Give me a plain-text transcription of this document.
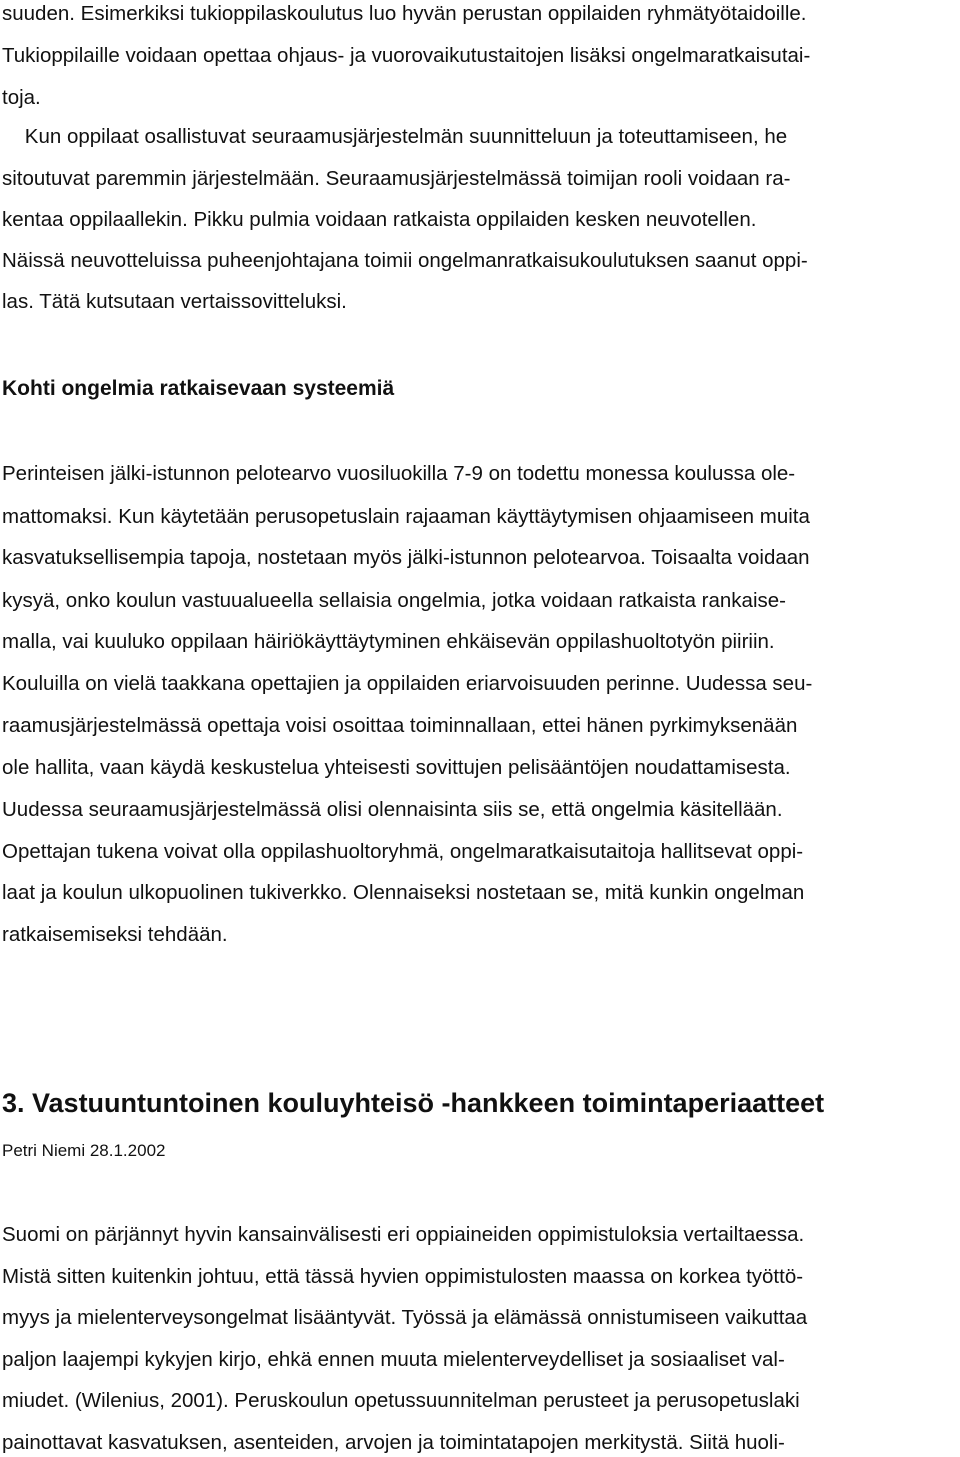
suuden. Esimerkiksi tukioppilaskoulutus luo hyvän perustan oppilaiden ryhmätyötaidoille.

Tukioppilaille voidaan opettaa ohjaus- ja vuorovaikutustaitojen lisäksi ongelmaratkaisutai-

toja.

Kun oppilaat osallistuvat seuraamusjärjestelmän suunnitteluun ja toteuttamiseen, he

sitoutuvat paremmin järjestelmään. Seuraamusjärjestelmässä toimijan rooli voidaan ra-

kentaa oppilaallekin. Pikku pulmia voidaan ratkaista oppilaiden kesken neuvotellen.

Näissä neuvotteluissa puheenjohtajana toimii ongelmanratkaisukoulutuksen saanut oppi-

las. Tätä kutsutaan vertaissovitteluksi.

Kohti ongelmia ratkaisevaan systeemiä

Perinteisen jälki-istunnon pelotearvo vuosiluokilla 7-9 on todettu monessa koulussa ole-

mattomaksi. Kun käytetään perusopetuslain rajaaman käyttäytymisen ohjaamiseen muita

kasvatuksellisempia tapoja, nostetaan myös jälki-istunnon pelotearvoa. Toisaalta voidaan

kysyä, onko koulun vastuualueella sellaisia ongelmia, jotka voidaan ratkaista rankaise-

malla, vai kuuluko oppilaan häiriökäyttäytyminen ehkäisevän oppilashuoltotyön piiriin.

Kouluilla on vielä taakkana opettajien ja oppilaiden eriarvoisuuden perinne. Uudessa seu-

raamusjärjestelmässä opettaja voisi osoittaa toiminnallaan, ettei hänen pyrkimyksenään

ole hallita, vaan käydä keskustelua yhteisesti sovittujen pelisääntöjen noudattamisesta.

Uudessa seuraamusjärjestelmässä olisi olennaisinta siis se, että ongelmia käsitellään.

Opettajan tukena voivat olla oppilashuoltoryhmä, ongelmaratkaisutaitoja hallitsevat oppi-

laat ja koulun ulkopuolinen tukiverkko. Olennaiseksi nostetaan se, mitä kunkin ongelman

ratkaisemiseksi tehdään.

3. Vastuuntuntoinen kouluyhteisö -hankkeen toimintaperiaatteet

Petri Niemi 28.1.2002

Suomi on pärjännyt hyvin kansainvälisesti eri oppiaineiden oppimistuloksia vertailtaessa.

Mistä sitten kuitenkin johtuu, että tässä hyvien oppimistulosten maassa on korkea työttö-

myys ja mielenterveysongelmat lisääntyvät. Työssä ja elämässä onnistumiseen vaikuttaa

paljon laajempi kykyjen kirjo, ehkä ennen muuta mielenterveydelliset ja sosiaaliset val-

miudet. (Wilenius, 2001). Peruskoulun opetussuunnitelman perusteet ja perusopetuslaki

painottavat kasvatuksen, asenteiden, arvojen ja toimintatapojen merkitystä. Siitä huoli-
